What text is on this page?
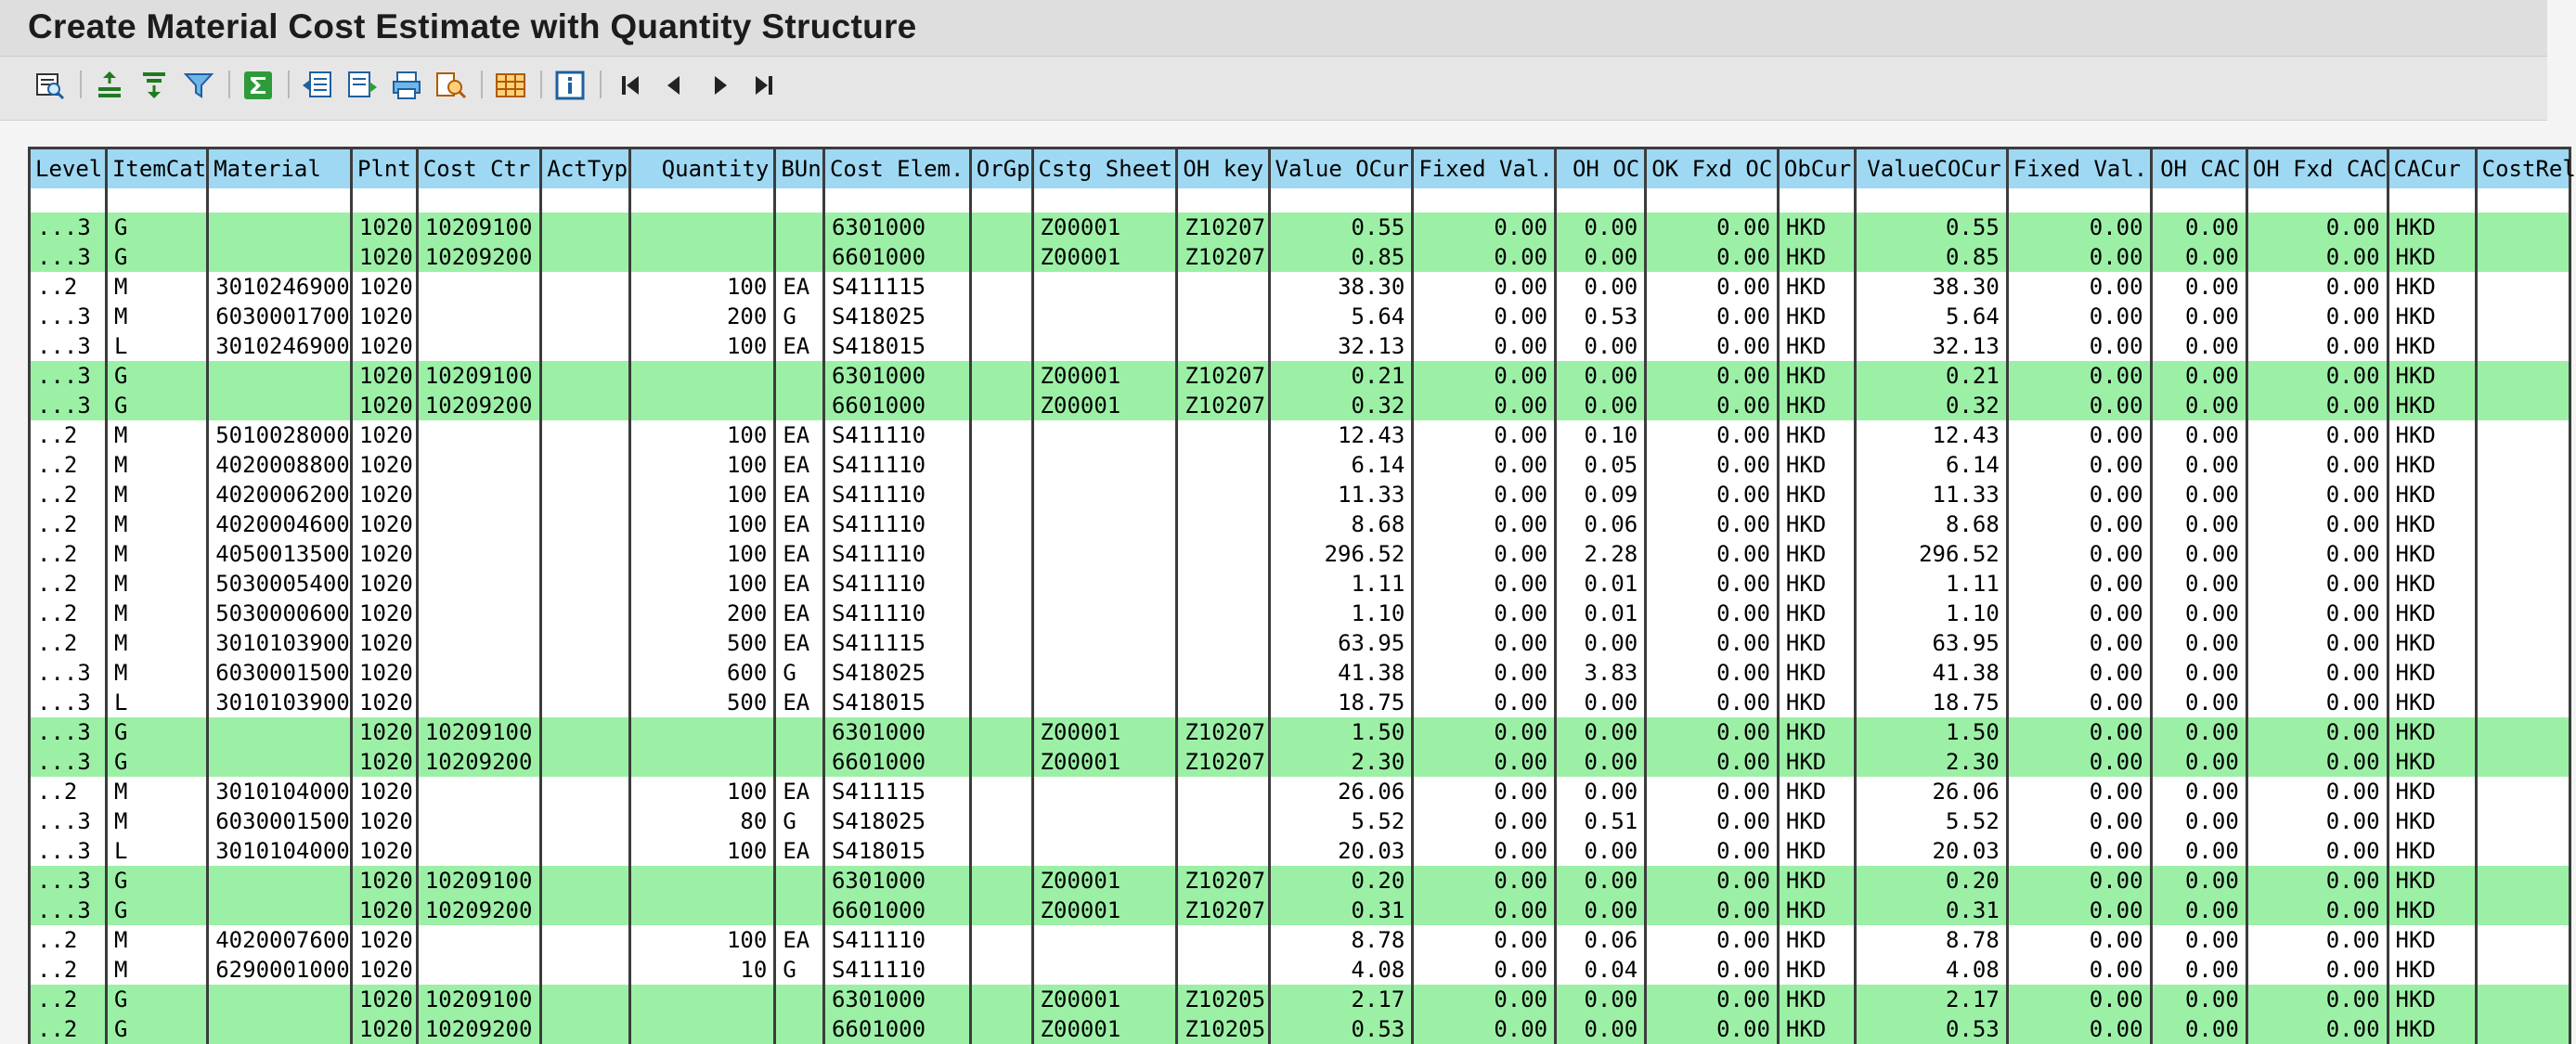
Create Material Cost Estimate with Quantity Structure
Level	ItemCat	Material	Plnt	Cost Ctr	ActTyp	Quantity	BUn	Cost Elem.	OrGp	Cstg Sheet	OH key	Value OCur	Fixed Val.	OH OC	OK Fxd OC	ObCur	ValueCOCur	Fixed Val.	OH CAC	OH Fxd CAC	CACur	CostRel

...3	G		1020	10209100				6301000		Z00001	Z10207	0.55	0.00	0.00	0.00	HKD	0.55	0.00	0.00	0.00	HKD	
...3	G		1020	10209200				6601000		Z00001	Z10207	0.85	0.00	0.00	0.00	HKD	0.85	0.00	0.00	0.00	HKD	
..2	M	3010246900	1020			100	EA	S411115				38.30	0.00	0.00	0.00	HKD	38.30	0.00	0.00	0.00	HKD	
...3	M	6030001700	1020			200	G	S418025				5.64	0.00	0.53	0.00	HKD	5.64	0.00	0.00	0.00	HKD	
...3	L	3010246900	1020			100	EA	S418015				32.13	0.00	0.00	0.00	HKD	32.13	0.00	0.00	0.00	HKD	
...3	G		1020	10209100				6301000		Z00001	Z10207	0.21	0.00	0.00	0.00	HKD	0.21	0.00	0.00	0.00	HKD	
...3	G		1020	10209200				6601000		Z00001	Z10207	0.32	0.00	0.00	0.00	HKD	0.32	0.00	0.00	0.00	HKD	
..2	M	5010028000	1020			100	EA	S411110				12.43	0.00	0.10	0.00	HKD	12.43	0.00	0.00	0.00	HKD	
..2	M	4020008800	1020			100	EA	S411110				6.14	0.00	0.05	0.00	HKD	6.14	0.00	0.00	0.00	HKD	
..2	M	4020006200	1020			100	EA	S411110				11.33	0.00	0.09	0.00	HKD	11.33	0.00	0.00	0.00	HKD	
..2	M	4020004600	1020			100	EA	S411110				8.68	0.00	0.06	0.00	HKD	8.68	0.00	0.00	0.00	HKD	
..2	M	4050013500	1020			100	EA	S411110				296.52	0.00	2.28	0.00	HKD	296.52	0.00	0.00	0.00	HKD	
..2	M	5030005400	1020			100	EA	S411110				1.11	0.00	0.01	0.00	HKD	1.11	0.00	0.00	0.00	HKD	
..2	M	5030000600	1020			200	EA	S411110				1.10	0.00	0.01	0.00	HKD	1.10	0.00	0.00	0.00	HKD	
..2	M	3010103900	1020			500	EA	S411115				63.95	0.00	0.00	0.00	HKD	63.95	0.00	0.00	0.00	HKD	
...3	M	6030001500	1020			600	G	S418025				41.38	0.00	3.83	0.00	HKD	41.38	0.00	0.00	0.00	HKD	
...3	L	3010103900	1020			500	EA	S418015				18.75	0.00	0.00	0.00	HKD	18.75	0.00	0.00	0.00	HKD	
...3	G		1020	10209100				6301000		Z00001	Z10207	1.50	0.00	0.00	0.00	HKD	1.50	0.00	0.00	0.00	HKD	
...3	G		1020	10209200				6601000		Z00001	Z10207	2.30	0.00	0.00	0.00	HKD	2.30	0.00	0.00	0.00	HKD	
..2	M	3010104000	1020			100	EA	S411115				26.06	0.00	0.00	0.00	HKD	26.06	0.00	0.00	0.00	HKD	
...3	M	6030001500	1020			80	G	S418025				5.52	0.00	0.51	0.00	HKD	5.52	0.00	0.00	0.00	HKD	
...3	L	3010104000	1020			100	EA	S418015				20.03	0.00	0.00	0.00	HKD	20.03	0.00	0.00	0.00	HKD	
...3	G		1020	10209100				6301000		Z00001	Z10207	0.20	0.00	0.00	0.00	HKD	0.20	0.00	0.00	0.00	HKD	
...3	G		1020	10209200				6601000		Z00001	Z10207	0.31	0.00	0.00	0.00	HKD	0.31	0.00	0.00	0.00	HKD	
..2	M	4020007600	1020			100	EA	S411110				8.78	0.00	0.06	0.00	HKD	8.78	0.00	0.00	0.00	HKD	
..2	M	6290001000	1020			10	G	S411110				4.08	0.00	0.04	0.00	HKD	4.08	0.00	0.00	0.00	HKD	
..2	G		1020	10209100				6301000		Z00001	Z10205	2.17	0.00	0.00	0.00	HKD	2.17	0.00	0.00	0.00	HKD	
..2	G		1020	10209200				6601000		Z00001	Z10205	0.53	0.00	0.00	0.00	HKD	0.53	0.00	0.00	0.00	HKD	
